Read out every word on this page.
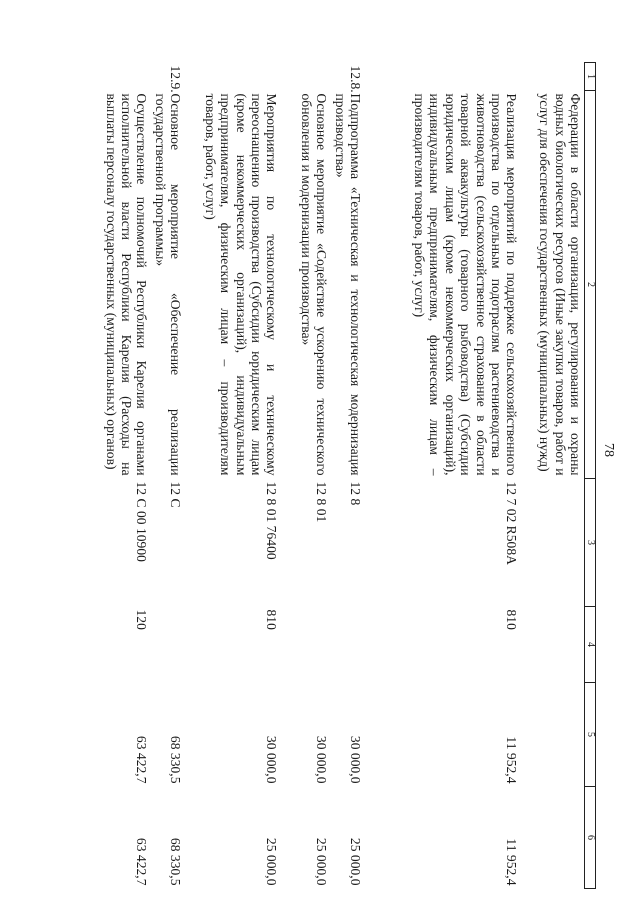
78
1	2	3	4	5	6
	Федерации в области организации, регулирования и охраны водных биологических ресурсов (Иные закупки товаров, работ и услуг для обеспечения государственных (муниципальных) нужд)				
	Реализация мероприятий по поддержке сельскохозяйственного производства по отдельным подотраслям растениеводства и животноводства (сельскохозяйственное страхование в области товарной аквакультуры (товарного рыбоводства) (Субсидии юридическим лицам (кроме некоммерческих организаций), индивидуальным предпринимателям, физическим лицам – производителям товаров, работ, услуг)	12 7 02 R508A	810	11 952,4	11 952,4
12.8.	Подпрограмма «Техническая и технологическая модернизация производства»	12 8		30 000,0	25 000,0
	Основное мероприятие «Содействие ускорению технического обновления и модернизации производства»	12 8 01		30 000,0	25 000,0
	Мероприятия по технологическому и техническому переоснащению производства (Субсидии юридическим лицам (кроме некоммерческих организаций), индивидуальным предпринимателям, физическим лицам – производителям товаров, работ, услуг)	12 8 01 76400	810	30 000,0	25 000,0
12.9.	Основное мероприятие «Обеспечение реализации государственной программы»	12 С		68 330,5	68 330,5
	Осуществление полномочий Республики Карелия органами исполнительной власти Республики Карелия (Расходы на выплаты персоналу государственных (муниципальных) органов)	12 С 00 10900	120	63 422,7	63 422,7
